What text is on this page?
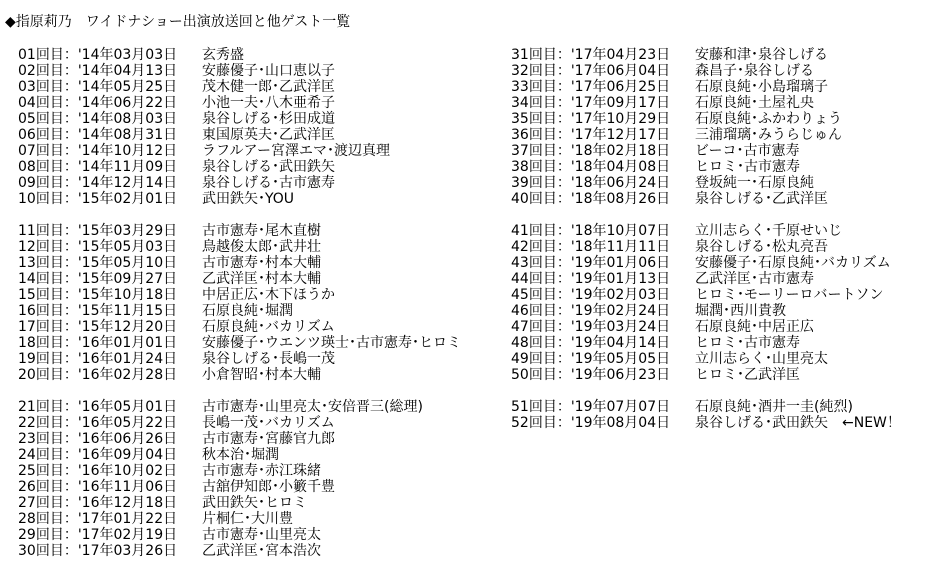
◆指原莉乃　ワイドナショー出演放送回と他ゲスト一覧
01回目：'14年03月03日 玄秀盛
02回目：'14年04月13日 安藤優子･山口恵以子
03回目：'14年05月25日 茂木健一郎･乙武洋匡
04回目：'14年06月22日 小池一夫･八木亜希子
05回目：'14年08月03日 泉谷しげる･杉田成道
06回目：'14年08月31日 東国原英夫･乙武洋匡
07回目：'14年10月12日 ラフルアー宮澤エマ･渡辺真理
08回目：'14年11月09日 泉谷しげる･武田鉄矢
09回目：'14年12月14日 泉谷しげる･古市憲寿
10回目：'15年02月01日 武田鉄矢･YOU
11回目：'15年03月29日 古市憲寿･尾木直樹
12回目：'15年05月03日 鳥越俊太郎･武井壮
13回目：'15年05月10日 古市憲寿･村本大輔
14回目：'15年09月27日 乙武洋匡･村本大輔
15回目：'15年10月18日 中居正広･木下ほうか
16回目：'15年11月15日 石原良純･堀潤
17回目：'15年12月20日 石原良純･バカリズム
18回目：'16年01月01日 安藤優子･ウエンツ瑛士･古市憲寿･ヒロミ
19回目：'16年01月24日 泉谷しげる･長嶋一茂
20回目：'16年02月28日 小倉智昭･村本大輔
21回目：'16年05月01日 古市憲寿･山里亮太･安倍晋三(総理)
22回目：'16年05月22日 長嶋一茂･バカリズム
23回目：'16年06月26日 古市憲寿･宮藤官九郎
24回目：'16年09月04日 秋本治･堀潤
25回目：'16年10月02日 古市憲寿･赤江珠緒
26回目：'16年11月06日 古舘伊知郎･小籔千豊
27回目：'16年12月18日 武田鉄矢･ヒロミ
28回目：'17年01月22日 片桐仁･大川豊
29回目：'17年02月19日 古市憲寿･山里亮太
30回目：'17年03月26日 乙武洋匡･宮本浩次
31回目：'17年04月23日 安藤和津･泉谷しげる
32回目：'17年06月04日 森昌子･泉谷しげる
33回目：'17年06月25日 石原良純･小島瑠璃子
34回目：'17年09月17日 石原良純･土屋礼央
35回目：'17年10月29日 石原良純･ふかわりょう
36回目：'17年12月17日 三浦瑠璃･みうらじゅん
37回目：'18年02月18日 ビーコ･古市憲寿
38回目：'18年04月08日 ヒロミ･古市憲寿
39回目：'18年06月24日 登坂純一･石原良純
40回目：'18年08月26日 泉谷しげる･乙武洋匡
41回目：'18年10月07日 立川志らく･千原せいじ
42回目：'18年11月11日 泉谷しげる･松丸亮吾
43回目：'19年01月06日 安藤優子･石原良純･バカリズム
44回目：'19年01月13日 乙武洋匡･古市憲寿
45回目：'19年02月03日 ヒロミ･モーリーロバートソン
46回目：'19年02月24日 堀潤･西川貴教
47回目：'19年03月24日 石原良純･中居正広
48回目：'19年04月14日 ヒロミ･古市憲寿
49回目：'19年05月05日 立川志らく･山里亮太
50回目：'19年06月23日 ヒロミ･乙武洋匡
51回目：'19年07月07日 石原良純･酒井一圭(純烈)
52回目：'19年08月04日 泉谷しげる･武田鉄矢　←NEW！
